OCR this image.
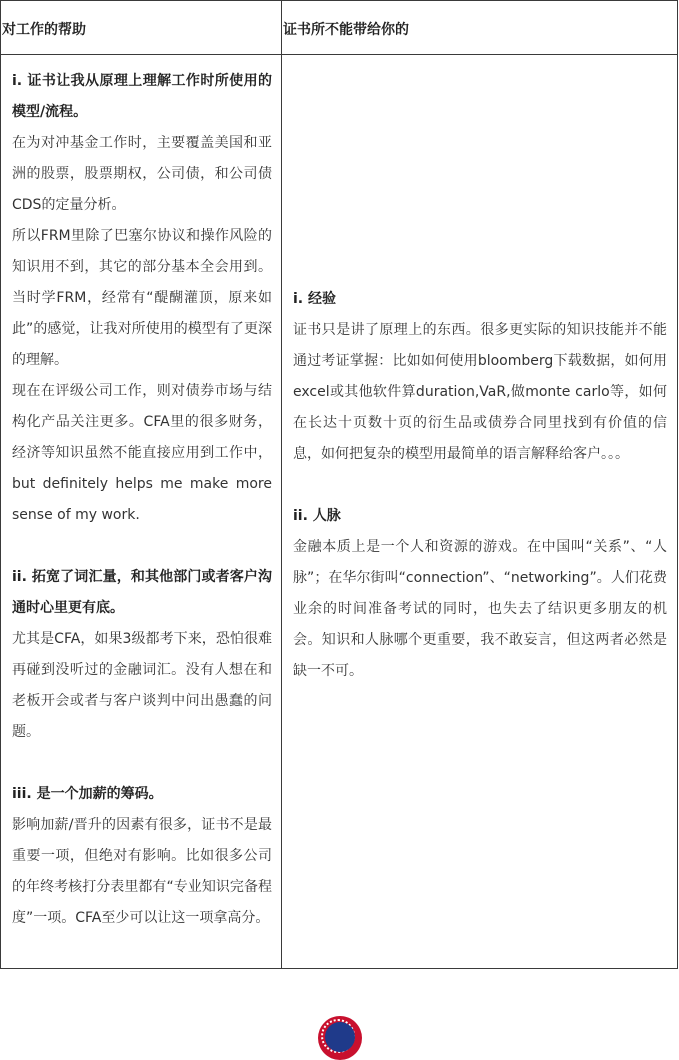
对工作的帮助	证书所不能带给你的

i. 证书让我从原理上理解工作时所使用的模型/流程。

在为对冲基金工作时，主要覆盖美国和亚洲的股票，股票期权，公司债，和公司债CDS的定量分析。

所以FRM里除了巴塞尔协议和操作风险的知识用不到，其它的部分基本全会用到。当时学FRM，经常有“醍醐灌顶，原来如此”的感觉，让我对所使用的模型有了更深的理解。

现在在评级公司工作，则对债券市场与结构化产品关注更多。CFA里的很多财务，经济等知识虽然不能直接应用到工作中，but definitely helps me make more sense of my work.

ii. 拓宽了词汇量，和其他部门或者客户沟通时心里更有底。

尤其是CFA，如果3级都考下来，恐怕很难再碰到没听过的金融词汇。没有人想在和老板开会或者与客户谈判中问出愚蠢的问题。

iii. 是一个加薪的筹码。

影响加薪/晋升的因素有很多，证书不是最重要一项，但绝对有影响。比如很多公司的年终考核打分表里都有“专业知识完备程度”一项。CFA至少可以让这一项拿高分。

i. 经验

证书只是讲了原理上的东西。很多更实际的知识技能并不能通过考证掌握：比如如何使用bloomberg下载数据，如何用excel或其他软件算duration,VaR,做monte carlo等，如何在长达十页数十页的衍生品或债券合同里找到有价值的信息，如何把复杂的模型用最简单的语言解释给客户。。。

ii. 人脉

金融本质上是一个人和资源的游戏。在中国叫“关系”、“人脉”；在华尔街叫“connection”、“networking”。人们花费业余的时间准备考试的同时，也失去了结识更多朋友的机会。知识和人脉哪个更重要，我不敢妄言，但这两者必然是缺一不可。
